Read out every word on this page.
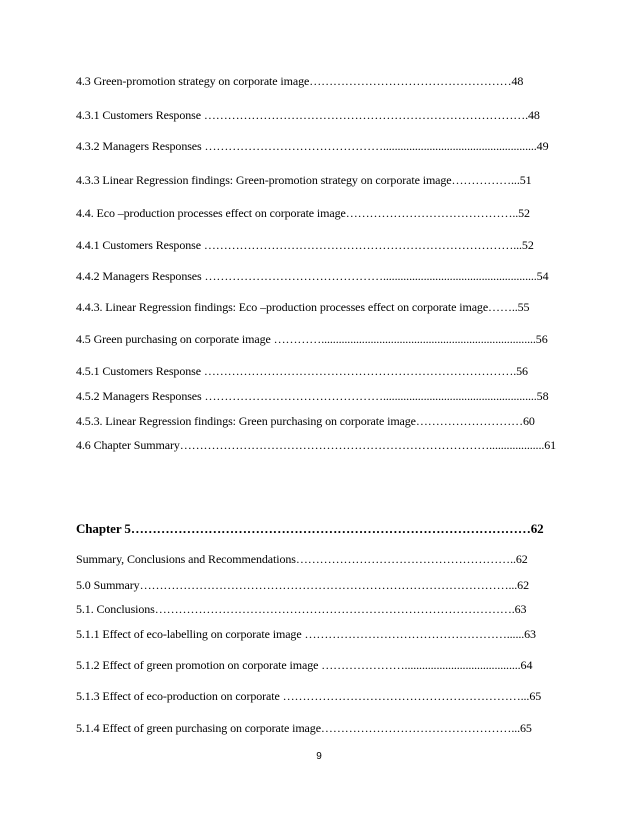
4.3 Green-promotion strategy on corporate image……………………………………………48
4.3.1 Customers Response ……………………………………………………………………….48
4.3.2 Managers Responses ……………………………………….....................................................49
4.3.3 Linear Regression findings: Green-promotion strategy on corporate image……………...51
4.4. Eco –production processes effect on corporate image……………………………………..52
4.4.1 Customers Response ……………………………………………………………………...52
4.4.2 Managers Responses ……………………………………….....................................................54
4.4.3. Linear Regression findings: Eco –production processes effect on corporate image……..55
4.5 Green purchasing on corporate image …………..........................................................................56
4.5.1 Customers Response …………………………………………………………………….56
4.5.2 Managers Responses ……………………………………….....................................................58
4.5.3. Linear Regression findings: Green purchasing on corporate image………………………60
4.6 Chapter Summary……………………………………………………………………...................61
Chapter 5…………………………………………………………………………………62
Summary, Conclusions and Recommendations………………………………………………..62
5.0 Summary…………………………………………………………………………………...62
5.1. Conclusions……………………………………………………………………………….63
5.1.1 Effect of eco-labelling on corporate image ……………………………………………......63
5.1.2 Effect of green promotion on corporate image …………………........................................64
5.1.3 Effect of eco-production on corporate ……………………………………………………...65
5.1.4 Effect of green purchasing on corporate image…………………………………………...65
9
